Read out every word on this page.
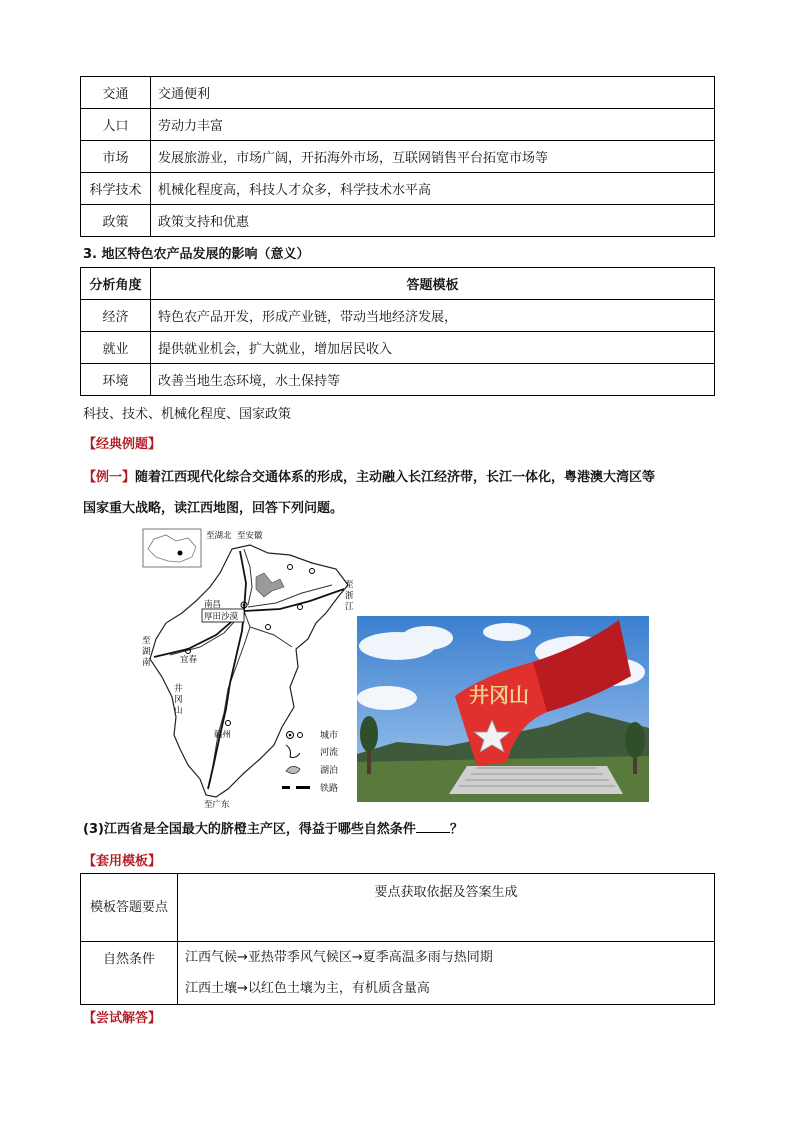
交通	交通便利
人口	劳动力丰富
市场	发展旅游业，市场广阔，开拓海外市场，互联网销售平台拓宽市场等
科学技术	机械化程度高，科技人才众多，科学技术水平高
政策	政策支持和优惠
3. 地区特色农产品发展的影响（意义）
分析角度	答题模板
经济	特色农产品开发，形成产业链，带动当地经济发展，
就业	提供就业机会，扩大就业，增加居民收入
环境	改善当地生态环境，水土保持等
科技、技术、机械化程度、国家政策
【经典例题】
【例一】随着江西现代化综合交通体系的形成，主动融入长江经济带，长江一体化，粤港澳大湾区等
国家重大战略，读江西地图，回答下列问题。
至湖北 至安徽
南昌
厚田沙漠
宜春
赣州
至广东
至
浙
江
至
湖
南
井
冈
山
城市
河流
湖泊
铁路
井冈山
(3)江西省是全国最大的脐橙主产区，得益于哪些自然条件	？
【套用模板】
模板答题要点	要点获取依据及答案生成
自然条件	江西气候→亚热带季风气候区→夏季高温多雨与热同期
江西土壤→以红色土壤为主，有机质含量高
【尝试解答】
